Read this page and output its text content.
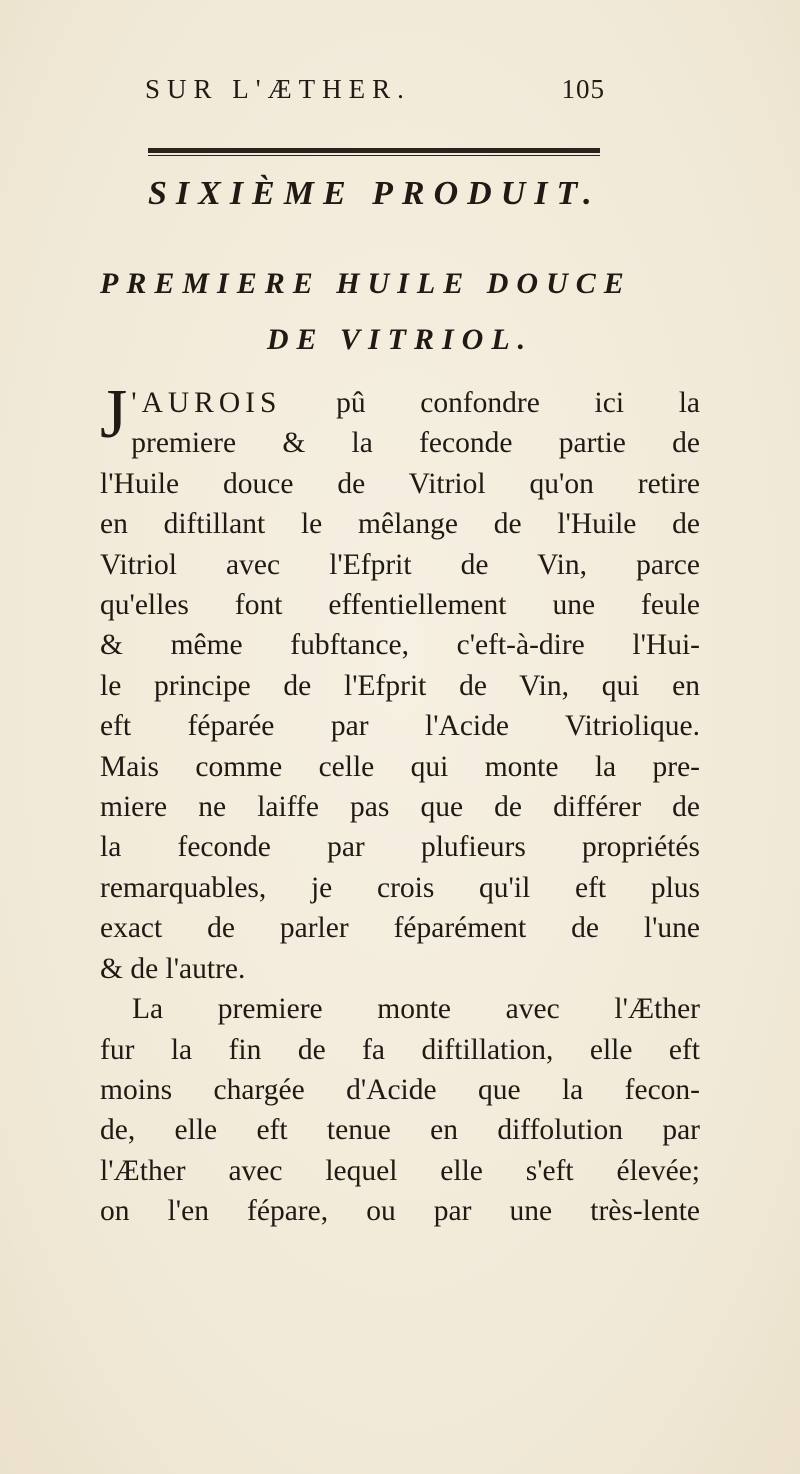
SUR L'ÆTHER.	105
SIXIÈME PRODUIT.
PREMIERE HUILE DOUCE
DE VITRIOL.
J 'AUROIS pû confondre ici la
premiere & la feconde partie de
l'Huile douce de Vitriol qu'on retire
en diftillant le mêlange de l'Huile de
Vitriol avec l'Efprit de Vin, parce
qu'elles font effentiellement une feule
& même fubftance, c'eft-à-dire l'Hui-
le principe de l'Efprit de Vin, qui en
eft féparée par l'Acide Vitriolique.
Mais comme celle qui monte la pre-
miere ne laiffe pas que de différer de
la feconde par plufieurs propriétés
remarquables, je crois qu'il eft plus
exact de parler féparément de l'une
& de l'autre.
La premiere monte avec l'Æther
fur la fin de fa diftillation, elle eft
moins chargée d'Acide que la fecon-
de, elle eft tenue en diffolution par
l'Æther avec lequel elle s'eft élevée;
on l'en fépare, ou par une très-lente
